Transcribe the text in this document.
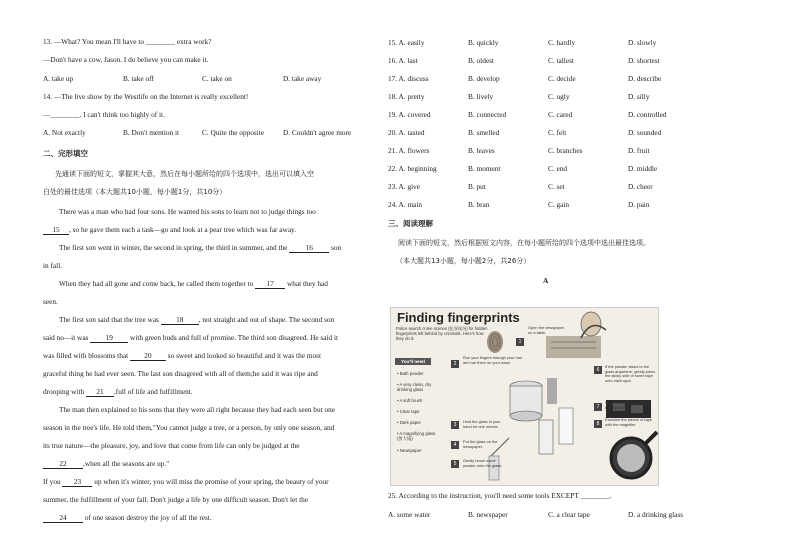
13. —What? You mean I'll have to ________ extra work?
—Don't have a cow, Jason. I do believe you can make it.
A. take up	B. take off	C. take on	D. take away
14. —The live show by the Westlife on the Internet is really excellent!
—________. I can't think too highly of it.
A. Not exactly	B. Don't mention it	C. Quite the opposite	D. Couldn't agree more
二、完形填空
先通读下面的短文，掌握其大意，然后在每小题所给的四个选项中，选出可以填入空
白处的最佳选项（本大题共10小题，每小题1分，共10分）
There was a man who had four sons. He wanted his sons to learn not to judge things too
15 , so he gave them each a task—go and look at a pear tree which was far away.
The first son went in winter, the second in spring, the third in summer, and the 16 son
in fall.
When they had all gone and come back, he called them together to 17 what they had
seen.
The first son said that the tree was 18 , not straight and out of shape. The second son
said no—it was 19 with green buds and full of promise. The third son disagreed. He said it
was filled with blossoms that 20 so sweet and looked so beautiful and it was the most
graceful thing he had ever seen. The last son disagreed with all of them;he said it was ripe and
drooping with 21 ,full of life and fulfillment.
The man then explained to his sons that they were all right because they had each seen but one
season in the tree's life. He told them,"You cannot judge a tree, or a person, by only one season, and
its true nature—the pleasure, joy, and love that come from life can only be judged at the
22 ,when all the seasons are up."
If you 23 up when it's winter, you will miss the promise of your spring, the beauty of your
summer, the fulfillment of your fall. Don't judge a life by one difficult season. Don't let the
24 of one season destroy the joy of all the rest.
15. A. easily	B. quickly	C. hardly	D. slowly
16. A. last	B. oldest	C. tallest	D. shortest
17. A. discuss	B. develop	C. decide	D. describe
18. A. pretty	B. lively	C. ugly	D. silly
19. A. covered	B. connected	C. cared	D. controlled
20. A. tasted	B. smelled	C. felt	D. sounded
21. A. flowers	B. leaves	C. branches	D. fruit
22. A. beginning	B. moment	C. end	D. middle
23. A. give	B. put	C. set	D. cheer
24. A. main	B. bran	C. gain	D. pain
三、阅读理解
阅读下面的短文，然后根据短文内容，在每小题所给的四个选项中选出最佳选项。
（本大题共13小题，每小题2分，共26分）
A
25. According to the instruction, you'll need some tools EXCEPT ________.
A. some water	B. newspaper	C. a clear tape	D. a drinking glass
Finding fingerprints
Police search crime scenes (犯罪现场) for hidden fingerprints left behind by criminals. Here's how they do it:
You'll need
• Bath powder
• A very clean, dry drinking glass
• A soft brush
• Clear tape
• Dark paper
• A magnifying glass (放大镜)
• Newspaper
1
Open the newspaper on a table.
2
Run your fingers through your hair and rub them on your head.
3
Hold the glass in your hand for one minute.
4
Put the glass on the newspaper.
5
Gently brush some powder onto the glass.
6
If the powder sticks to the glass anywhere, gently press the sticky side of some tape onto each spot.
7
Stick the tape down on the black paper.
8
Examine the pieces of tape with the magnifier.
